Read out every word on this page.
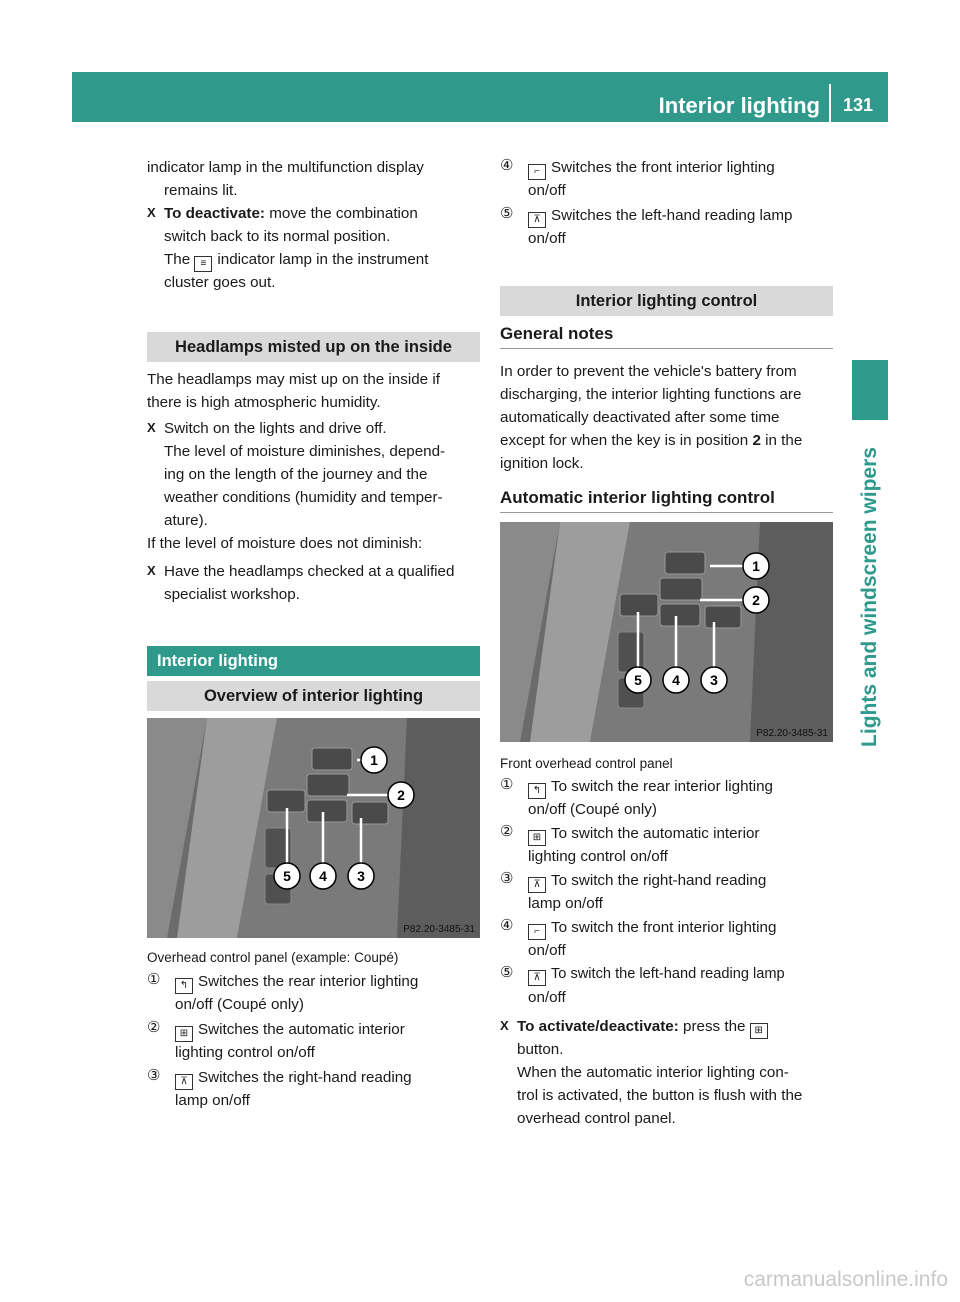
Interior lighting 131
Lights and windscreen wipers

indicator lamp in the multifunction display

remains lit.

X To deactivate: move the combination

switch back to its normal position.

The ≡ indicator lamp in the instrument

cluster goes out.

Headlamps misted up on the inside

The headlamps may mist up on the inside if

there is high atmospheric humidity.

X Switch on the lights and drive off.

The level of moisture diminishes, depend-

ing on the length of the journey and the

weather conditions (humidity and temper-

ature).

If the level of moisture does not diminish:

X Have the headlamps checked at a qualified

specialist workshop.

Interior lighting
Overview of interior lighting
1
2
3
4
5
P82.20-3485-31

Overhead control panel (example: Coupé)

①	↰ Switches the rear interior lighting

on/off (Coupé only)

②	⊞ Switches the automatic interior

lighting control on/off

③	⊼ Switches the right-hand reading

lamp on/off

④	⌐ Switches the front interior lighting

on/off

⑤	⊼ Switches the left-hand reading lamp

on/off

Interior lighting control
General notes

In order to prevent the vehicle's battery from

discharging, the interior lighting functions are

automatically deactivated after some time

except for when the key is in position 2 in the

ignition lock.

Automatic interior lighting control
1
2
3
4
5
P82.20-3485-31

Front overhead control panel

①	↰ To switch the rear interior lighting

on/off (Coupé only)

②	⊞ To switch the automatic interior

lighting control on/off

③	⊼ To switch the right-hand reading

lamp on/off

④	⌐ To switch the front interior lighting

on/off

⑤	⊼ To switch the left-hand reading lamp

on/off

X To activate/deactivate: press the ⊞

button.

When the automatic interior lighting con-

trol is activated, the button is flush with the

overhead control panel.

carmanualsonline.info
